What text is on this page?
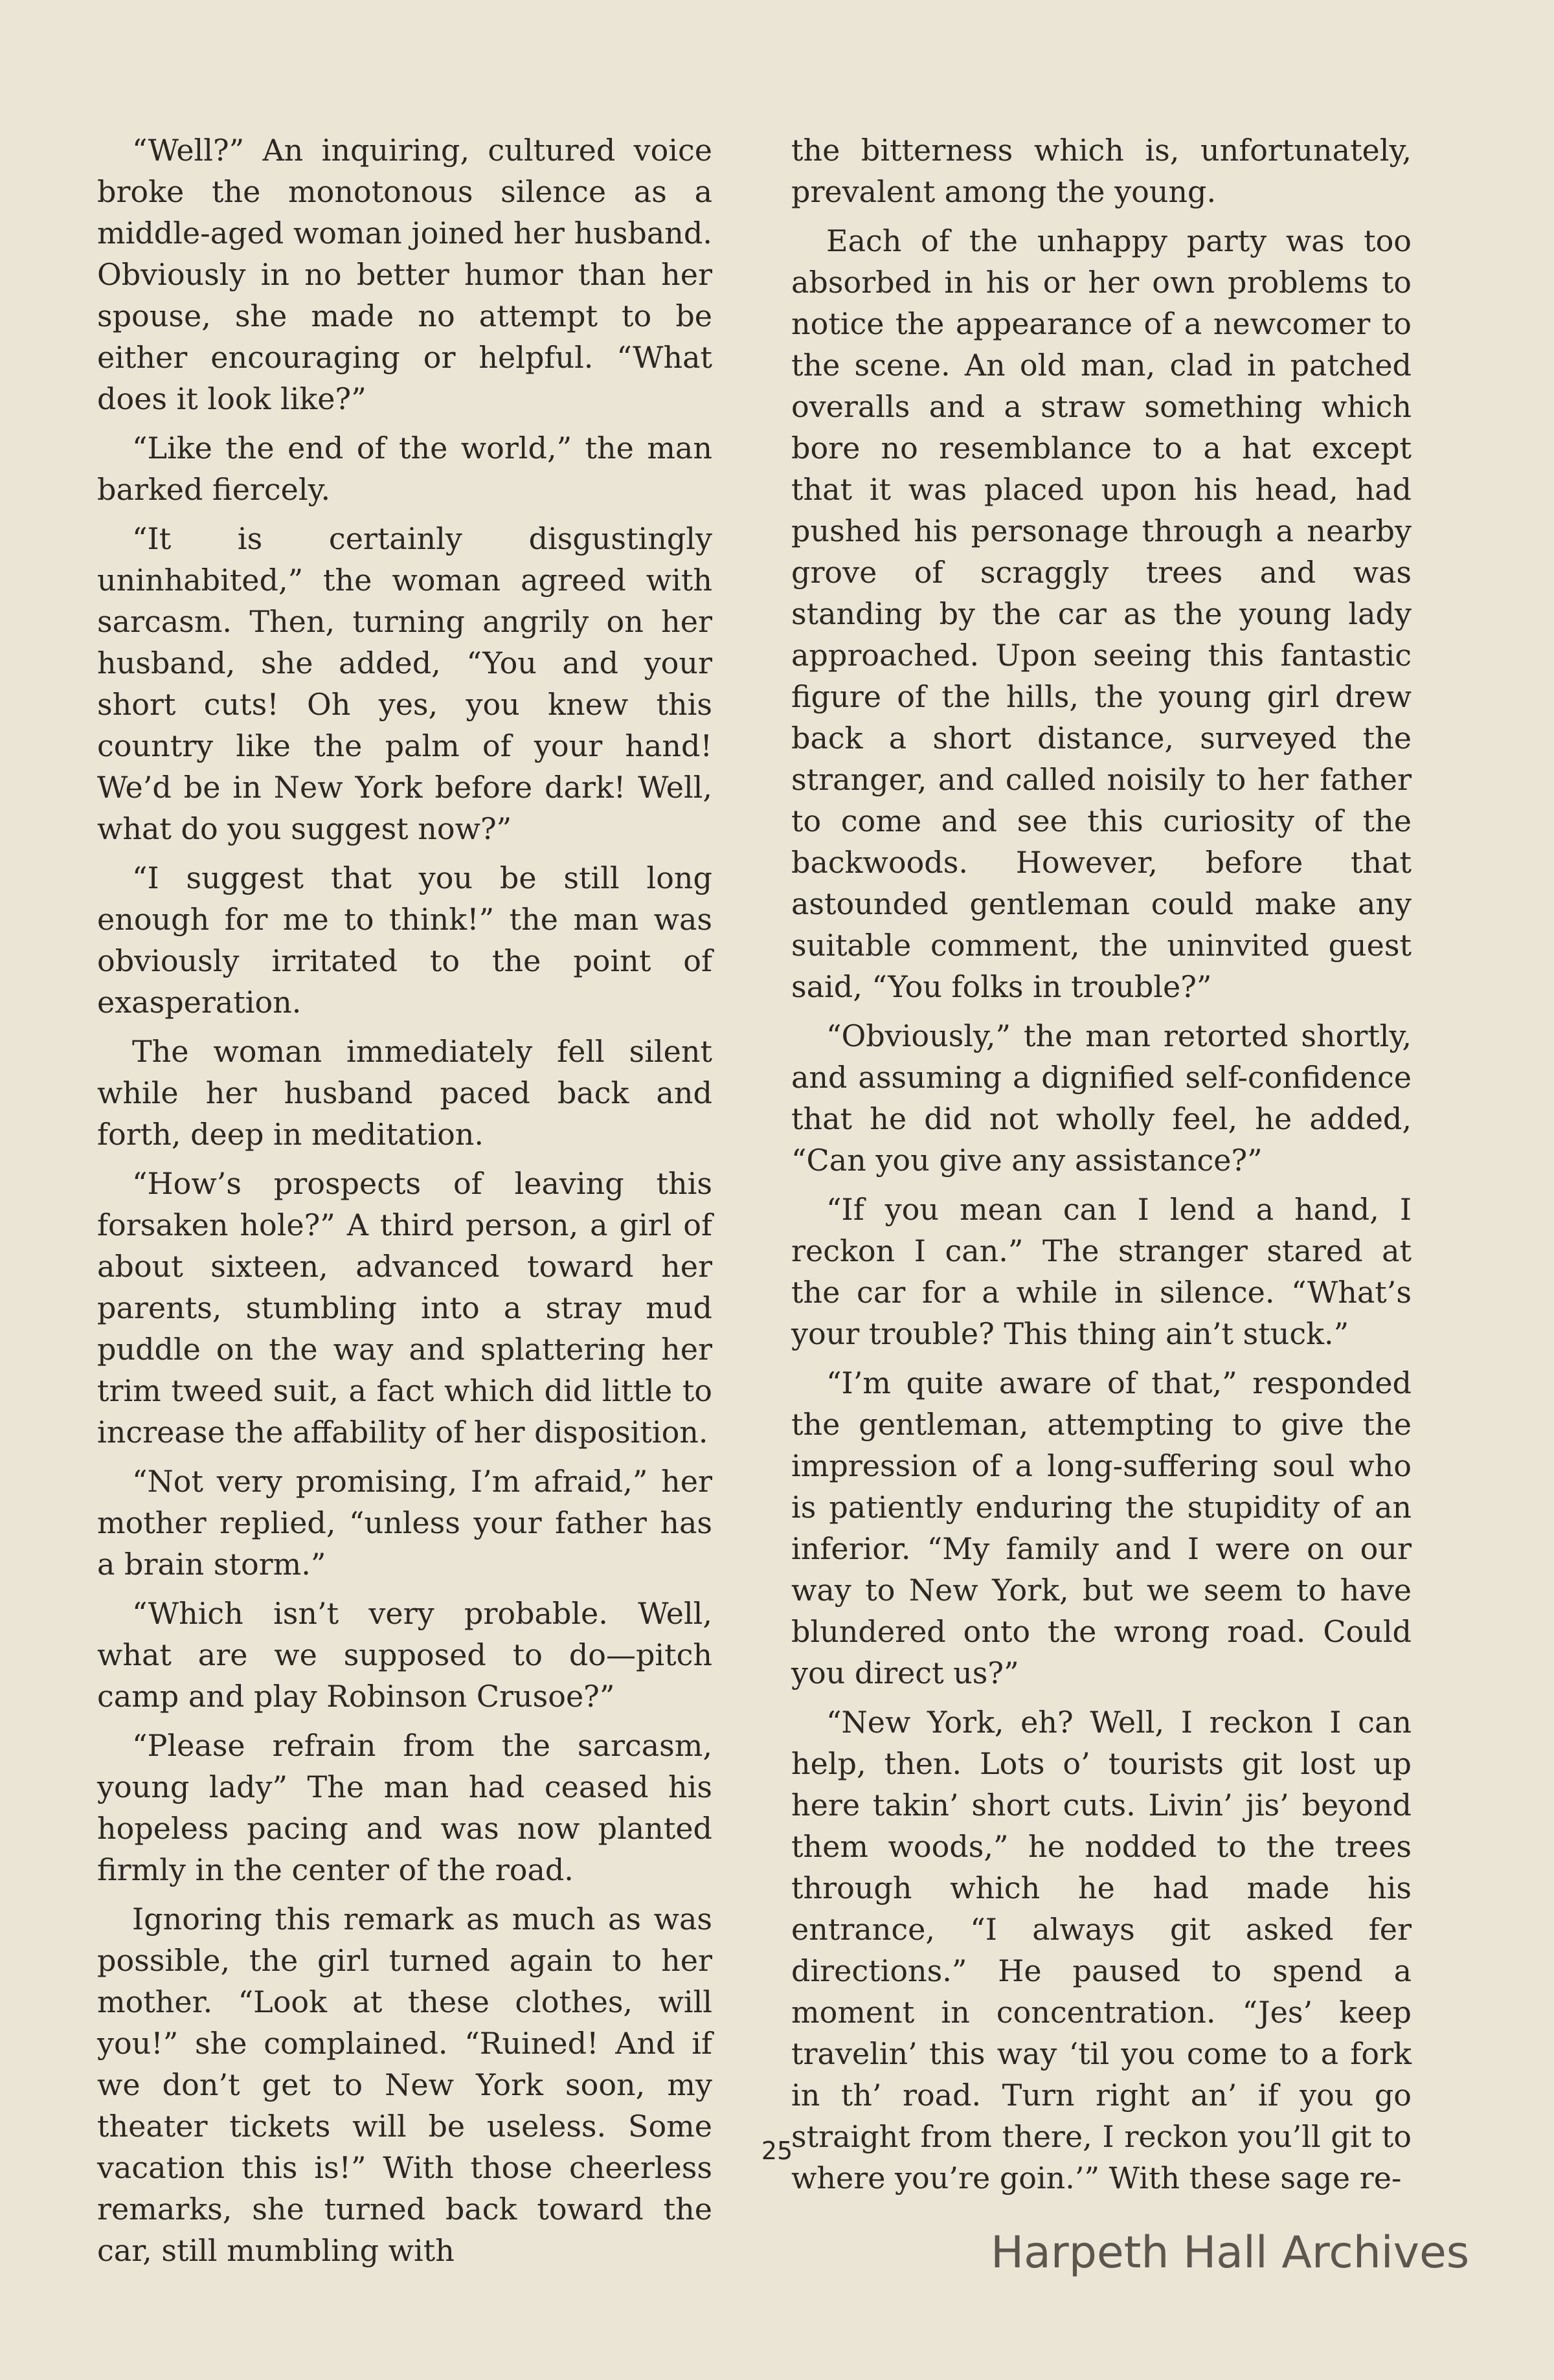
“Well?” An inquiring, cultured voice broke the monotonous silence as a middle-aged woman joined her husband. Obviously in no better humor than her spouse, she made no attempt to be either encouraging or helpful. “What does it look like?”

“Like the end of the world,” the man barked fiercely.

“It is certainly disgustingly uninhabited,” the woman agreed with sarcasm. Then, turning angrily on her husband, she added, “You and your short cuts! Oh yes, you knew this country like the palm of your hand! We’d be in New York before dark! Well, what do you suggest now?”

“I suggest that you be still long enough for me to think!” the man was obviously irritated to the point of exasperation.

The woman immediately fell silent while her husband paced back and forth, deep in meditation.

“How’s prospects of leaving this forsaken hole?” A third person, a girl of about sixteen, advanced toward her parents, stumbling into a stray mud puddle on the way and splattering her trim tweed suit, a fact which did little to increase the affability of her disposition.

“Not very promising, I’m afraid,” her mother replied, “unless your father has a brain storm.”

“Which isn’t very probable. Well, what are we supposed to do—pitch camp and play Robinson Crusoe?”

“Please refrain from the sarcasm, young lady” The man had ceased his hopeless pacing and was now planted firmly in the center of the road.

Ignoring this remark as much as was possible, the girl turned again to her mother. “Look at these clothes, will you!” she complained. “Ruined! And if we don’t get to New York soon, my theater tickets will be useless. Some vacation this is!” With those cheerless remarks, she turned back toward the car, still mumbling with

the bitterness which is, unfortunately, prevalent among the young.

Each of the unhappy party was too absorbed in his or her own problems to notice the appearance of a newcomer to the scene. An old man, clad in patched overalls and a straw something which bore no resemblance to a hat except that it was placed upon his head, had pushed his personage through a nearby grove of scraggly trees and was standing by the car as the young lady approached. Upon seeing this fantastic figure of the hills, the young girl drew back a short distance, surveyed the stranger, and called noisily to her father to come and see this curiosity of the backwoods. However, before that astounded gentleman could make any suitable comment, the uninvited guest said, “You folks in trouble?”

“Obviously,” the man retorted shortly, and assuming a dignified self-confidence that he did not wholly feel, he added, “Can you give any assistance?”

“If you mean can I lend a hand, I reckon I can.” The stranger stared at the car for a while in silence. “What’s your trouble? This thing ain’t stuck.”

“I’m quite aware of that,” responded the gentleman, attempting to give the impression of a long-suffering soul who is patiently enduring the stupidity of an inferior. “My family and I were on our way to New York, but we seem to have blundered onto the wrong road. Could you direct us?”

“New York, eh? Well, I reckon I can help, then. Lots o’ tourists git lost up here takin’ short cuts. Livin’ jis’ beyond them woods,” he nodded to the trees through which he had made his entrance, “I always git asked fer directions.” He paused to spend a moment in concentration. “Jes’ keep travelin’ this way ‘til you come to a fork in th’ road. Turn right an’ if you go straight from there, I reckon you’ll git to where you’re goin.’” With these sage re-

25
Harpeth Hall Archives
